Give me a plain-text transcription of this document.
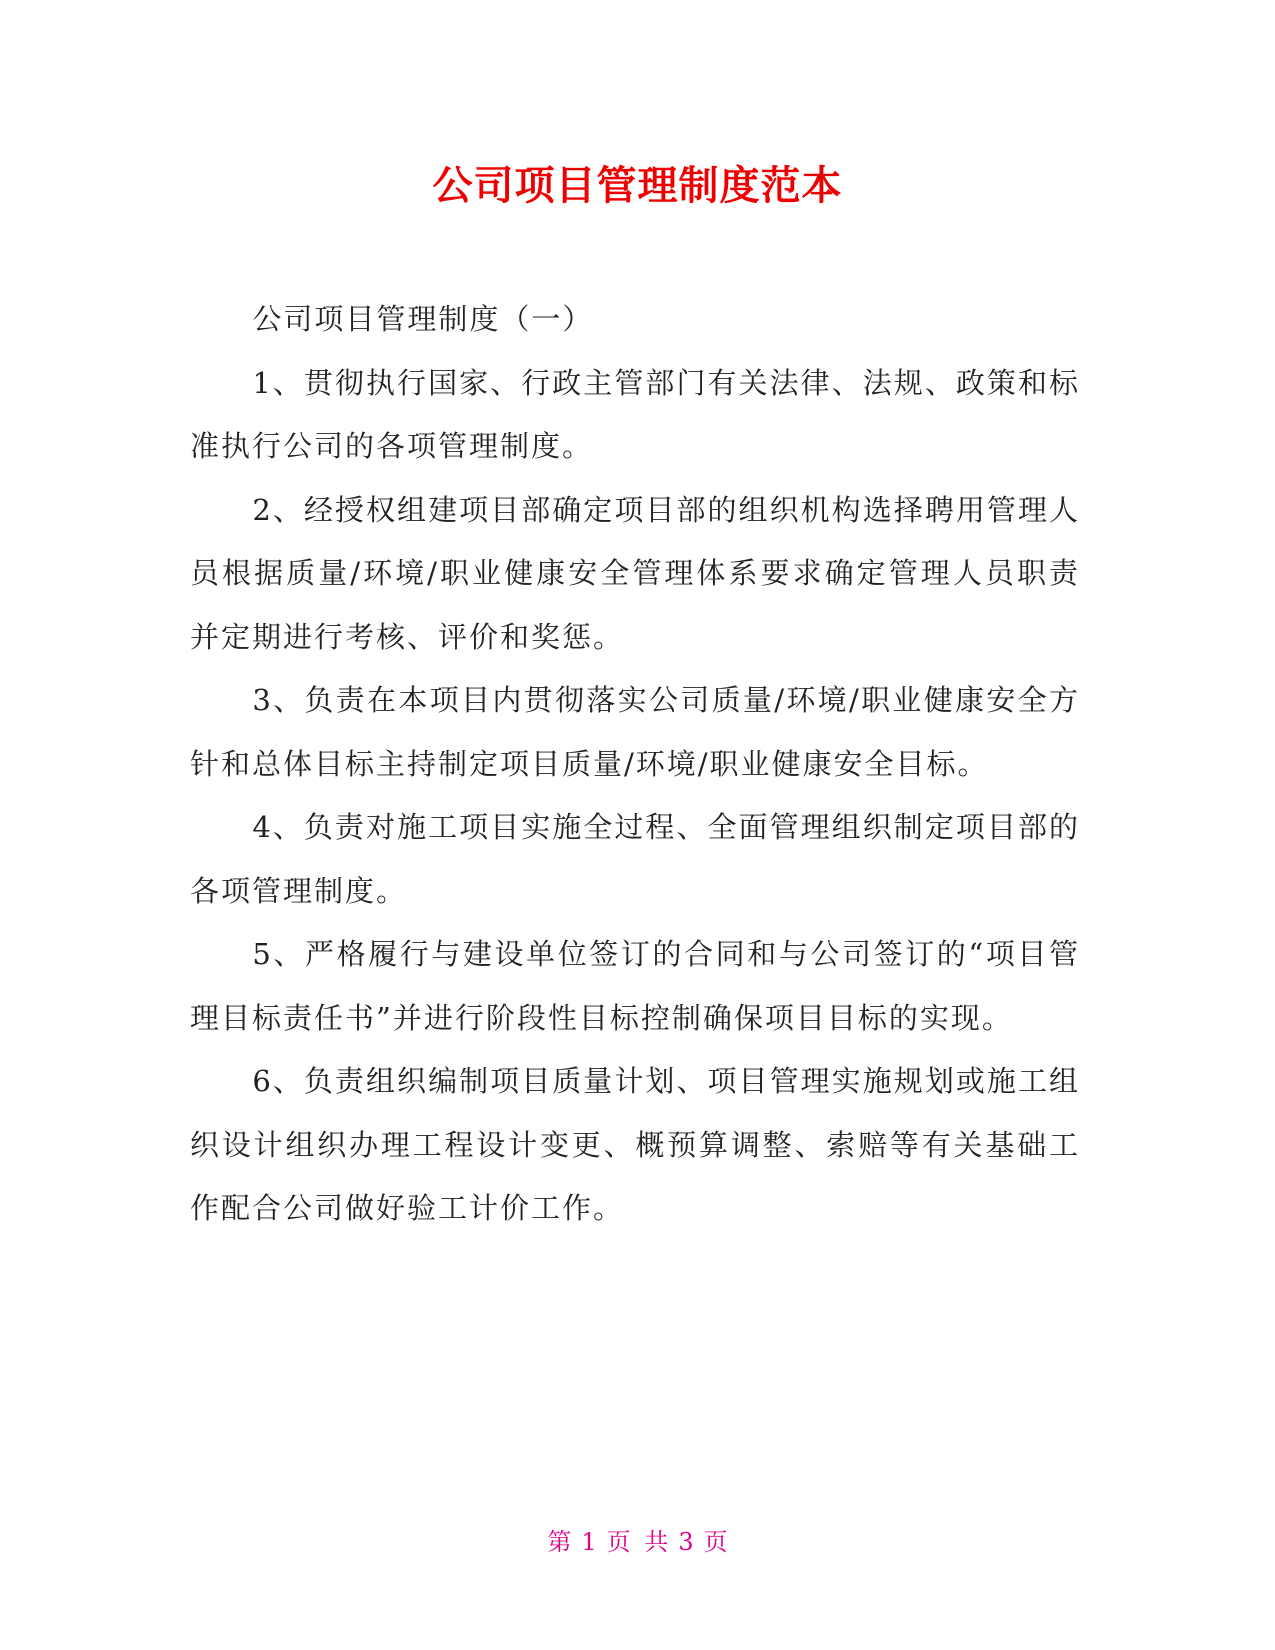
公司项目管理制度范本

公司项目管理制度（一）

1、贯彻执行国家、行政主管部门有关法律、法规、政策和标准执行公司的各项管理制度。

2、经授权组建项目部确定项目部的组织机构选择聘用管理人员根据质量/环境/职业健康安全管理体系要求确定管理人员职责并定期进行考核、评价和奖惩。

3、负责在本项目内贯彻落实公司质量/环境/职业健康安全方针和总体目标主持制定项目质量/环境/职业健康安全目标。

4、负责对施工项目实施全过程、全面管理组织制定项目部的各项管理制度。

5、严格履行与建设单位签订的合同和与公司签订的“项目管理目标责任书”并进行阶段性目标控制确保项目目标的实现。

6、负责组织编制项目质量计划、项目管理实施规划或施工组织设计组织办理工程设计变更、概预算调整、索赔等有关基础工作配合公司做好验工计价工作。

第 1 页 共 3 页
